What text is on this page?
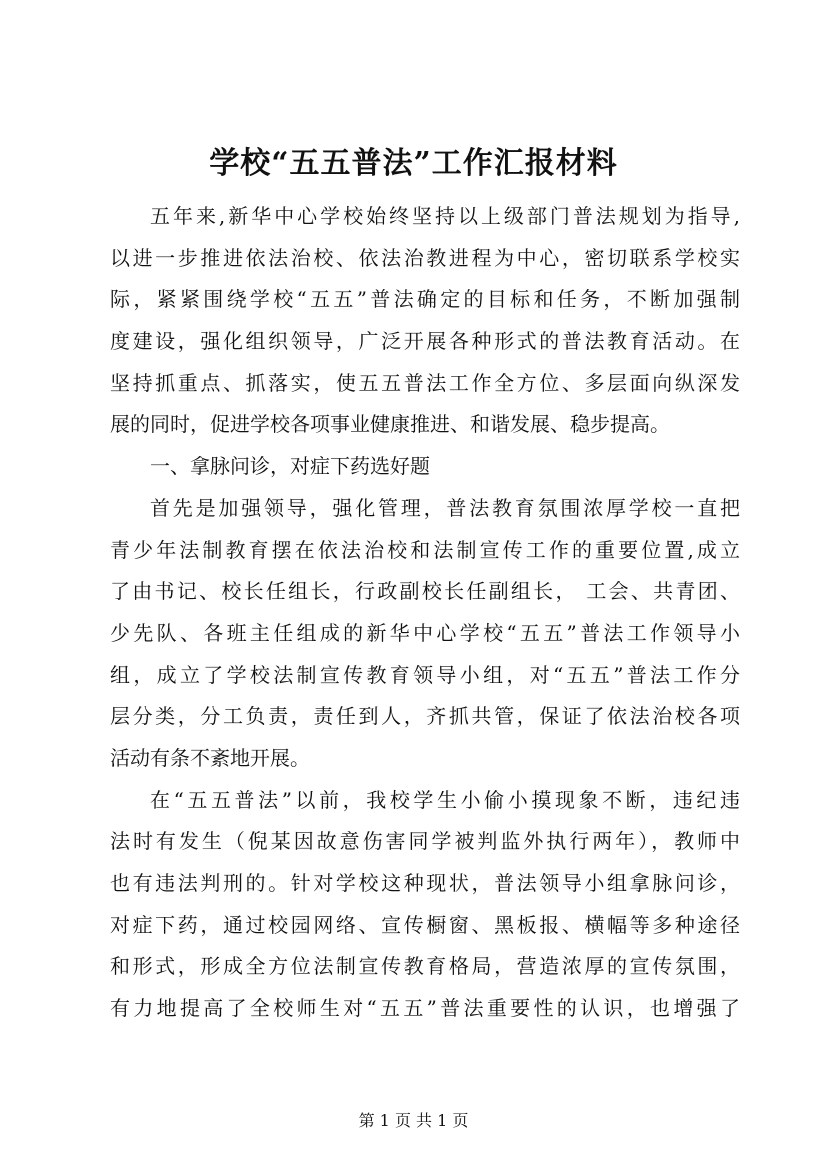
学校“五五普法”工作汇报材料
五年来,新华中心学校始终坚持以上级部门普法规划为指导,
以进一步推进依法治校、依法治教进程为中心，密切联系学校实
际，紧紧围绕学校“五五”普法确定的目标和任务，不断加强制
度建设，强化组织领导，广泛开展各种形式的普法教育活动。在
坚持抓重点、抓落实，使五五普法工作全方位、多层面向纵深发
展的同时，促进学校各项事业健康推进、和谐发展、稳步提高。
一、拿脉问诊，对症下药选好题
首先是加强领导，强化管理，普法教育氛围浓厚学校一直把
青少年法制教育摆在依法治校和法制宣传工作的重要位置,成立
了由书记、校长任组长，行政副校长任副组长， 工会、共青团、
少先队、各班主任组成的新华中心学校“五五”普法工作领导小
组，成立了学校法制宣传教育领导小组，对“五五”普法工作分
层分类，分工负责，责任到人，齐抓共管，保证了依法治校各项
活动有条不紊地开展。
在“五五普法”以前，我校学生小偷小摸现象不断，违纪违
法时有发生（倪某因故意伤害同学被判监外执行两年），教师中
也有违法判刑的。针对学校这种现状，普法领导小组拿脉问诊，
对症下药，通过校园网络、宣传橱窗、黑板报、横幅等多种途径
和形式，形成全方位法制宣传教育格局，营造浓厚的宣传氛围，
有力地提高了全校师生对“五五”普法重要性的认识，也增强了
第 1 页 共 1 页
